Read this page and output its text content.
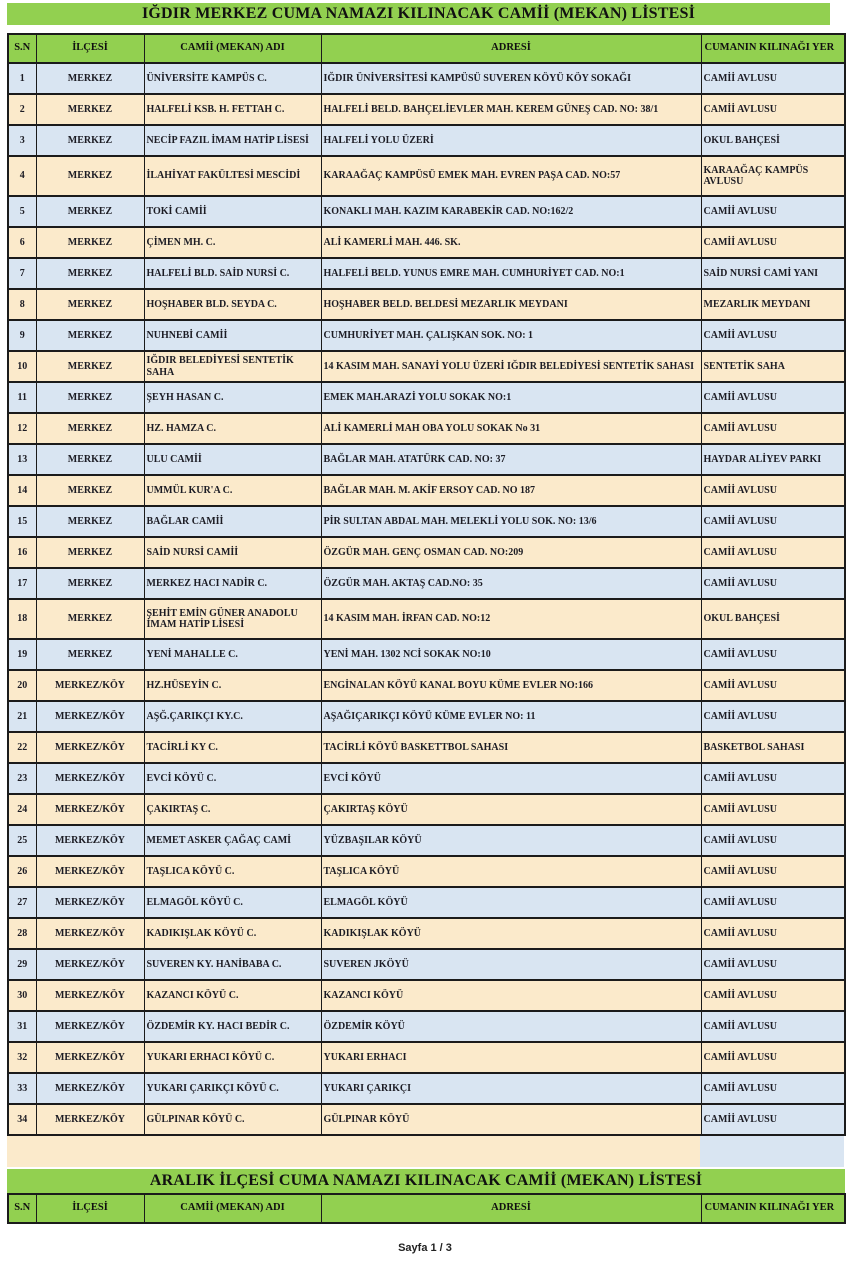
IĞDIR MERKEZ CUMA NAMAZI KILINACAK CAMİİ (MEKAN) LİSTESİ
S.N	İLÇESİ	CAMİİ (MEKAN) ADI	ADRESİ	CUMANIN KILINAĞI YER
1	MERKEZ	ÜNİVERSİTE KAMPÜS C.	IĞDIR ÜNİVERSİTESİ KAMPÜSÜ SUVEREN KÖYÜ KÖY SOKAĞI	CAMİİ AVLUSU
2	MERKEZ	HALFELİ KSB. H. FETTAH C.	HALFELİ BELD. BAHÇELİEVLER MAH. KEREM GÜNEŞ CAD. NO: 38/1	CAMİİ AVLUSU
3	MERKEZ	NECİP FAZIL İMAM HATİP LİSESİ	HALFELİ YOLU ÜZERİ	OKUL BAHÇESİ
4	MERKEZ	İLAHİYAT FAKÜLTESİ MESCİDİ	KARAAĞAÇ KAMPÜSÜ EMEK MAH. EVREN PAŞA CAD. NO:57	KARAAĞAÇ KAMPÜS AVLUSU
5	MERKEZ	TOKİ CAMİİ	KONAKLI MAH. KAZIM KARABEKİR CAD. NO:162/2	CAMİİ AVLUSU
6	MERKEZ	ÇİMEN MH. C.	ALİ KAMERLİ MAH. 446. SK.	CAMİİ AVLUSU
7	MERKEZ	HALFELİ BLD. SAİD NURSİ C.	HALFELİ BELD. YUNUS EMRE MAH. CUMHURİYET CAD. NO:1	SAİD NURSİ CAMİ YANI
8	MERKEZ	HOŞHABER BLD. SEYDA C.	HOŞHABER BELD. BELDESİ MEZARLIK MEYDANI	MEZARLIK MEYDANI
9	MERKEZ	NUHNEBİ CAMİİ	CUMHURİYET MAH. ÇALIŞKAN SOK. NO: 1	CAMİİ AVLUSU
10	MERKEZ	IĞDIR BELEDİYESİ SENTETİK SAHA	14 KASIM MAH. SANAYİ YOLU ÜZERİ IĞDIR BELEDİYESİ SENTETİK SAHASI	SENTETİK SAHA
11	MERKEZ	ŞEYH HASAN C.	EMEK MAH.ARAZİ YOLU SOKAK NO:1	CAMİİ AVLUSU
12	MERKEZ	HZ. HAMZA C.	ALİ KAMERLİ MAH OBA YOLU SOKAK No 31	CAMİİ AVLUSU
13	MERKEZ	ULU CAMİİ	BAĞLAR MAH. ATATÜRK CAD. NO: 37	HAYDAR ALİYEV PARKI
14	MERKEZ	UMMÜL KUR'A C.	BAĞLAR MAH. M. AKİF ERSOY CAD. NO 187	CAMİİ AVLUSU
15	MERKEZ	BAĞLAR CAMİİ	PİR SULTAN ABDAL MAH. MELEKLİ YOLU SOK. NO: 13/6	CAMİİ AVLUSU
16	MERKEZ	SAİD NURSİ CAMİİ	ÖZGÜR MAH. GENÇ OSMAN CAD. NO:209	CAMİİ AVLUSU
17	MERKEZ	MERKEZ HACI NADİR C.	ÖZGÜR MAH. AKTAŞ CAD.NO: 35	CAMİİ AVLUSU
18	MERKEZ	ŞEHİT EMİN GÜNER ANADOLU İMAM HATİP LİSESİ	14 KASIM MAH. İRFAN CAD. NO:12	OKUL BAHÇESİ
19	MERKEZ	YENİ MAHALLE C.	YENİ MAH. 1302 NCİ SOKAK NO:10	CAMİİ AVLUSU
20	MERKEZ/KÖY	HZ.HÜSEYİN C.	ENGİNALAN KÖYÜ KANAL BOYU KÜME EVLER NO:166	CAMİİ AVLUSU
21	MERKEZ/KÖY	AŞĞ.ÇARIKÇI KY.C.	AŞAĞIÇARIKÇI KÖYÜ KÜME EVLER NO: 11	CAMİİ AVLUSU
22	MERKEZ/KÖY	TACİRLİ KY C.	TACİRLİ KÖYÜ BASKETTBOL SAHASI	BASKETBOL SAHASI
23	MERKEZ/KÖY	EVCİ KÖYÜ C.	EVCİ KÖYÜ	CAMİİ AVLUSU
24	MERKEZ/KÖY	ÇAKIRTAŞ C.	ÇAKIRTAŞ KÖYÜ	CAMİİ AVLUSU
25	MERKEZ/KÖY	MEMET ASKER ÇAĞAÇ CAMİ	YÜZBAŞILAR KÖYÜ	CAMİİ AVLUSU
26	MERKEZ/KÖY	TAŞLICA KÖYÜ C.	TAŞLICA KÖYÜ	CAMİİ AVLUSU
27	MERKEZ/KÖY	ELMAGÖL KÖYÜ C.	ELMAGÖL KÖYÜ	CAMİİ AVLUSU
28	MERKEZ/KÖY	KADIKIŞLAK KÖYÜ C.	KADIKIŞLAK KÖYÜ	CAMİİ AVLUSU
29	MERKEZ/KÖY	SUVEREN KY. HANİBABA C.	SUVEREN JKÖYÜ	CAMİİ AVLUSU
30	MERKEZ/KÖY	KAZANCI KÖYÜ C.	KAZANCI KÖYÜ	CAMİİ AVLUSU
31	MERKEZ/KÖY	ÖZDEMİR KY. HACI BEDİR C.	ÖZDEMİR KÖYÜ	CAMİİ AVLUSU
32	MERKEZ/KÖY	YUKARI ERHACI KÖYÜ C.	YUKARI ERHACI	CAMİİ AVLUSU
33	MERKEZ/KÖY	YUKARI ÇARIKÇI KÖYÜ C.	YUKARI ÇARIKÇI	CAMİİ AVLUSU
34	MERKEZ/KÖY	GÜLPINAR KÖYÜ C.	GÜLPINAR KÖYÜ	CAMİİ AVLUSU
ARALIK İLÇESİ CUMA NAMAZI KILINACAK CAMİİ (MEKAN) LİSTESİ
S.N	İLÇESİ	CAMİİ (MEKAN) ADI	ADRESİ	CUMANIN KILINAĞI YER
Sayfa 1 / 3
